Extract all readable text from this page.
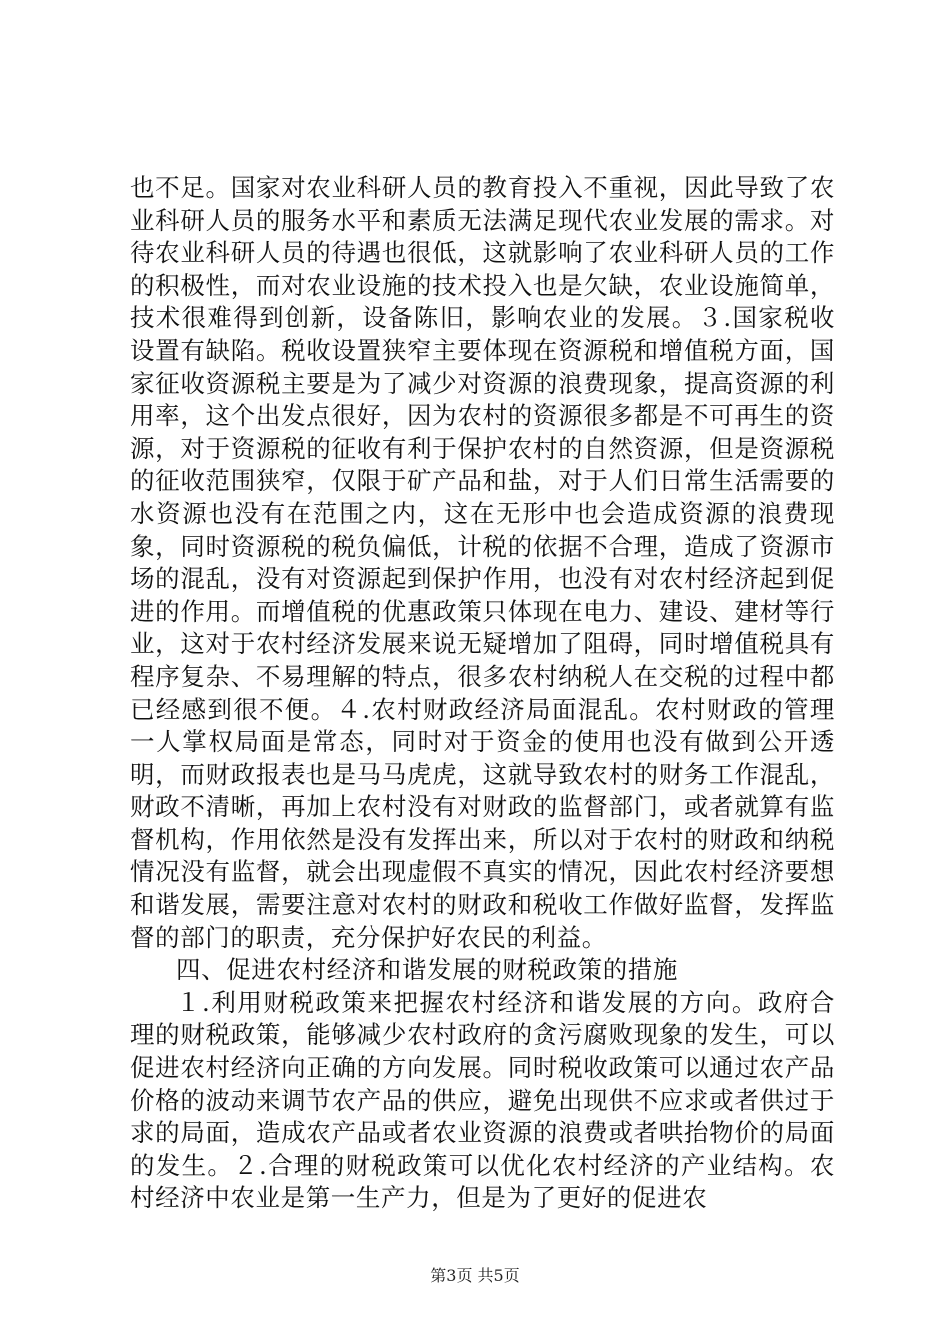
也不足。国家对农业科研人员的教育投入不重视，因此导致了农业科研人员的服务水平和素质无法满足现代农业发展的需求。对待农业科研人员的待遇也很低，这就影响了农业科研人员的工作的积极性，而对农业设施的技术投入也是欠缺，农业设施简单，技术很难得到创新，设备陈旧，影响农业的发展。３.国家税收设置有缺陷。税收设置狭窄主要体现在资源税和增值税方面，国家征收资源税主要是为了减少对资源的浪费现象，提高资源的利用率，这个出发点很好，因为农村的资源很多都是不可再生的资源，对于资源税的征收有利于保护农村的自然资源，但是资源税的征收范围狭窄，仅限于矿产品和盐，对于人们日常生活需要的水资源也没有在范围之内，这在无形中也会造成资源的浪费现象，同时资源税的税负偏低，计税的依据不合理，造成了资源市场的混乱，没有对资源起到保护作用，也没有对农村经济起到促进的作用。而增值税的优惠政策只体现在电力、建设、建材等行业，这对于农村经济发展来说无疑增加了阻碍，同时增值税具有程序复杂、不易理解的特点，很多农村纳税人在交税的过程中都已经感到很不便。４.农村财政经济局面混乱。农村财政的管理一人掌权局面是常态，同时对于资金的使用也没有做到公开透明，而财政报表也是马马虎虎，这就导致农村的财务工作混乱，财政不清晰，再加上农村没有对财政的监督部门，或者就算有监督机构，作用依然是没有发挥出来，所以对于农村的财政和纳税情况没有监督，就会出现虚假不真实的情况，因此农村经济要想和谐发展，需要注意对农村的财政和税收工作做好监督，发挥监督的部门的职责，充分保护好农民的利益。

四、促进农村经济和谐发展的财税政策的措施

１.利用财税政策来把握农村经济和谐发展的方向。政府合理的财税政策，能够减少农村政府的贪污腐败现象的发生，可以促进农村经济向正确的方向发展。同时税收政策可以通过农产品价格的波动来调节农产品的供应，避免出现供不应求或者供过于求的局面，造成农产品或者农业资源的浪费或者哄抬物价的局面的发生。２.合理的财税政策可以优化农村经济的产业结构。农村经济中农业是第一生产力，但是为了更好的促进农

第3页 共5页
